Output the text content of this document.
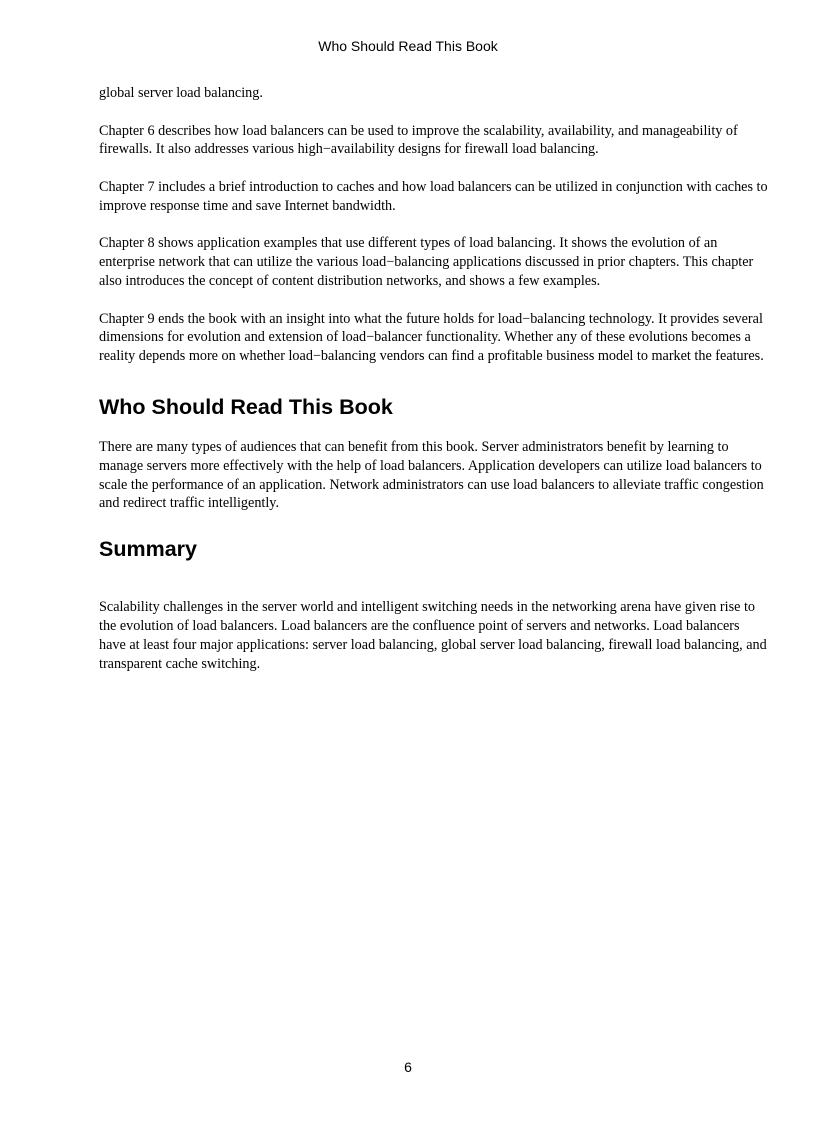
Who Should Read This Book

global server load balancing.

Chapter 6 describes how load balancers can be used to improve the scalability, availability, and manageability of firewalls. It also addresses various high−availability designs for firewall load balancing.

Chapter 7 includes a brief introduction to caches and how load balancers can be utilized in conjunction with caches to improve response time and save Internet bandwidth.

Chapter 8 shows application examples that use different types of load balancing. It shows the evolution of an enterprise network that can utilize the various load−balancing applications discussed in prior chapters. This chapter also introduces the concept of content distribution networks, and shows a few examples.

Chapter 9 ends the book with an insight into what the future holds for load−balancing technology. It provides several dimensions for evolution and extension of load−balancer functionality. Whether any of these evolutions becomes a reality depends more on whether load−balancing vendors can find a profitable business model to market the features.

Who Should Read This Book

There are many types of audiences that can benefit from this book. Server administrators benefit by learning to manage servers more effectively with the help of load balancers. Application developers can utilize load balancers to scale the performance of an application. Network administrators can use load balancers to alleviate traffic congestion and redirect traffic intelligently.

Summary

Scalability challenges in the server world and intelligent switching needs in the networking arena have given rise to the evolution of load balancers. Load balancers are the confluence point of servers and networks. Load balancers have at least four major applications: server load balancing, global server load balancing, firewall load balancing, and transparent cache switching.

6
